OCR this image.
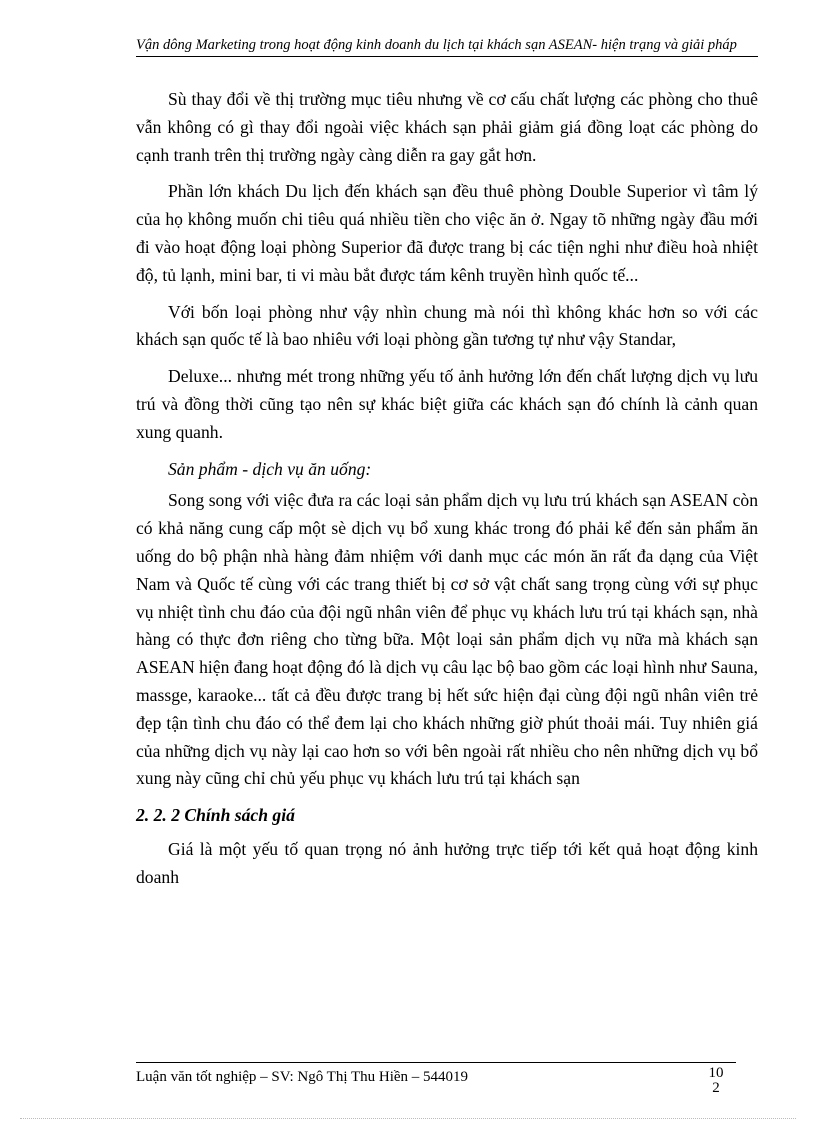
Vận dông Marketing trong hoạt động kinh doanh du lịch tại khách sạn ASEAN- hiện trạng và giải pháp

Sù thay đổi về thị trường mục tiêu nhưng về cơ cấu chất lượng các phòng cho thuê vẫn không có gì thay đổi ngoài việc khách sạn phải giảm giá đồng loạt các phòng do cạnh tranh trên thị trường ngày càng diễn ra gay gắt hơn.

Phần lớn khách Du lịch đến khách sạn đều thuê phòng Double Superior vì tâm lý của họ không muốn chi tiêu quá nhiều tiền cho việc ăn ở. Ngay tõ những ngày đầu mới đi vào hoạt động loại phòng Superior đã được trang bị các tiện nghi như điều hoà nhiệt độ, tủ lạnh, mini bar, ti vi màu bắt được tám kênh truyền hình quốc tế...

Với bốn loại phòng như vậy nhìn chung mà nói thì không khác hơn so với các khách sạn quốc tế là bao nhiêu với loại phòng gần tương tự như vậy Standar,

Deluxe... nhưng mét trong những yếu tố ảnh hưởng lớn đến chất lượng dịch vụ lưu trú và đồng thời cũng tạo nên sự khác biệt giữa các khách sạn đó chính là cảnh quan xung quanh.

Sản phẩm - dịch vụ ăn uống:

Song song với việc đưa ra các loại sản phẩm dịch vụ lưu trú khách sạn ASEAN còn có khả năng cung cấp một sè dịch vụ bổ xung khác trong đó phải kể đến sản phẩm ăn uống do bộ phận nhà hàng đảm nhiệm với danh mục các món ăn rất đa dạng của Việt Nam và Quốc tế cùng với các trang thiết bị cơ sở vật chất sang trọng cùng với sự phục vụ nhiệt tình chu đáo của đội ngũ nhân viên để phục vụ khách lưu trú tại khách sạn, nhà hàng có thực đơn riêng cho từng bữa. Một loại sản phẩm dịch vụ nữa mà khách sạn ASEAN hiện đang hoạt động đó là dịch vụ câu lạc bộ bao gồm các loại hình như Sauna, massge, karaoke... tất cả đều được trang bị hết sức hiện đại cùng đội ngũ nhân viên trẻ đẹp tận tình chu đáo có thể đem lại cho khách những giờ phút thoải mái. Tuy nhiên giá của những dịch vụ này lại cao hơn so với bên ngoài rất nhiều cho nên những dịch vụ bổ xung này cũng chỉ chủ yếu phục vụ khách lưu trú tại khách sạn

2. 2. 2 Chính sách giá

Giá là một yếu tố quan trọng nó ảnh hưởng trực tiếp tới kết quả hoạt động kinh doanh

Luận văn tốt nghiệp – SV: Ngô Thị Thu Hiền – 544019	102
